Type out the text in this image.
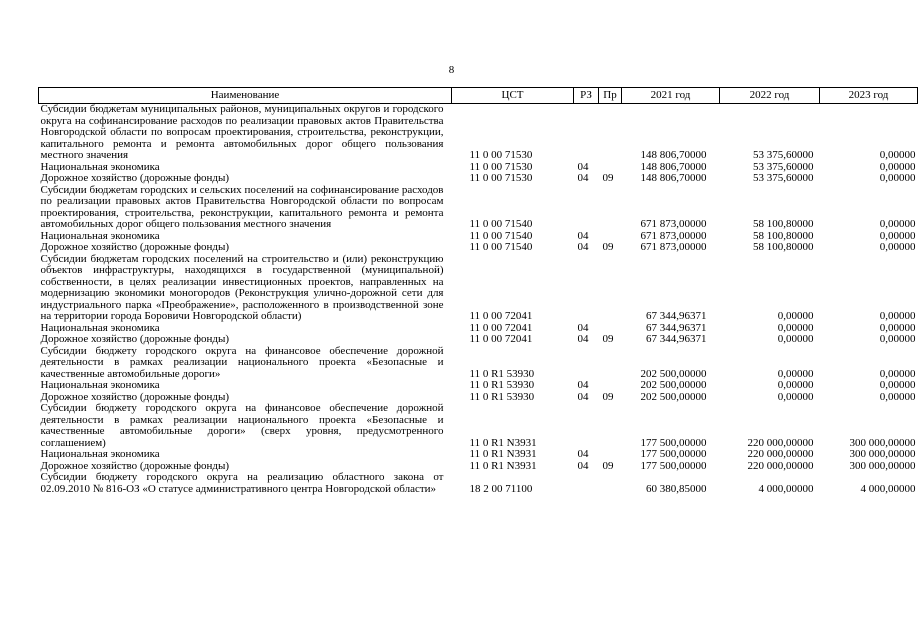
8
Наименование	ЦСТ	РЗ	Пр	2021 год	2022 год	2023 год
Субсидии бюджетам муниципальных районов, муниципальных округов и городского округа на софинансирование расходов по реализации правовых актов Правительства Новгородской области по вопросам проектирования, строительства, реконструкции, капитального ремонта и ремонта автомобильных дорог общего пользования местного значения	11 0 00 71530			148 806,70000	53 375,60000	0,00000
Национальная экономика	11 0 00 71530	04		148 806,70000	53 375,60000	0,00000
Дорожное хозяйство (дорожные фонды)	11 0 00 71530	04	09	148 806,70000	53 375,60000	0,00000
Субсидии бюджетам городских и сельских поселений на софинансирование расходов по реализации правовых актов Правительства Новгородской области по вопросам проектирования, строительства, реконструкции, капитального ремонта и ремонта автомобильных дорог общего пользования местного значения	11 0 00 71540			671 873,00000	58 100,80000	0,00000
Национальная экономика	11 0 00 71540	04		671 873,00000	58 100,80000	0,00000
Дорожное хозяйство (дорожные фонды)	11 0 00 71540	04	09	671 873,00000	58 100,80000	0,00000
Субсидии бюджетам городских поселений на строительство и (или) реконструкцию объектов инфраструктуры, находящихся в государственной (муниципальной) собственности, в целях реализации инвестиционных проектов, направленных на модернизацию экономики моногородов (Реконструкция улично-дорожной сети для индустриального парка «Преображение», расположенного в производственной зоне на территории города Боровичи Новгородской области)	11 0 00 72041			67 344,96371	0,00000	0,00000
Национальная экономика	11 0 00 72041	04		67 344,96371	0,00000	0,00000
Дорожное хозяйство (дорожные фонды)	11 0 00 72041	04	09	67 344,96371	0,00000	0,00000
Субсидии бюджету городского округа на финансовое обеспечение дорожной деятельности в рамках реализации национального проекта «Безопасные и качественные автомобильные дороги»	11 0 R1 53930			202 500,00000	0,00000	0,00000
Национальная экономика	11 0 R1 53930	04		202 500,00000	0,00000	0,00000
Дорожное хозяйство (дорожные фонды)	11 0 R1 53930	04	09	202 500,00000	0,00000	0,00000
Субсидии бюджету городского округа на финансовое обеспечение дорожной деятельности в рамках реализации национального проекта «Безопасные и качественные автомобильные дороги» (сверх уровня, предусмотренного соглашением)	11 0 R1 N3931			177 500,00000	220 000,00000	300 000,00000
Национальная экономика	11 0 R1 N3931	04		177 500,00000	220 000,00000	300 000,00000
Дорожное хозяйство (дорожные фонды)	11 0 R1 N3931	04	09	177 500,00000	220 000,00000	300 000,00000
Субсидии бюджету городского округа на реализацию областного закона от 02.09.2010 № 816-ОЗ «О статусе административного центра Новгородской области»	18 2 00 71100			60 380,85000	4 000,00000	4 000,00000
